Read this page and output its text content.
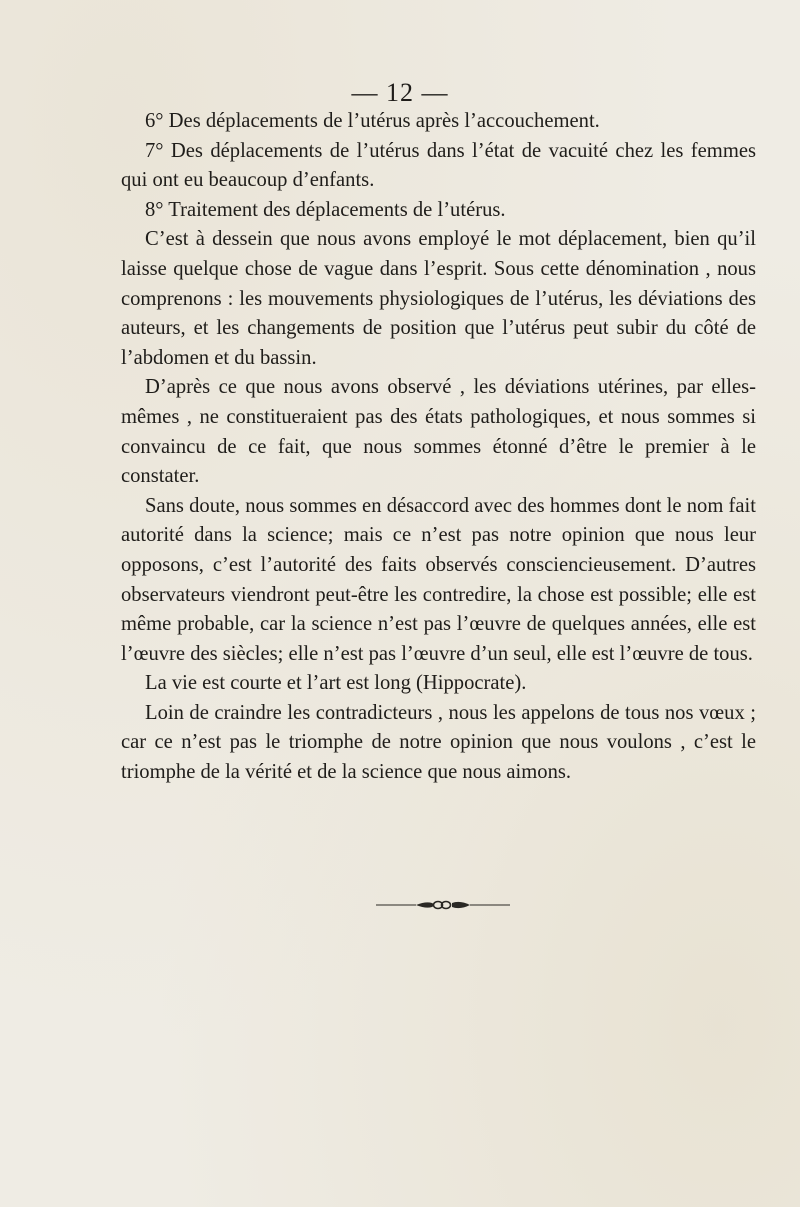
— 12 —

6° Des déplacements de l’utérus après l’accouchement.

7° Des déplacements de l’utérus dans l’état de vacuité chez les femmes qui ont eu beaucoup d’enfants.

8° Traitement des déplacements de l’utérus.

C’est à dessein que nous avons employé le mot déplacement, bien qu’il laisse quelque chose de vague dans l’esprit. Sous cette dénomination , nous comprenons : les mouvements physiologiques de l’utérus, les déviations des auteurs, et les changements de position que l’utérus peut subir du côté de l’abdomen et du bassin.

D’après ce que nous avons observé , les déviations utérines, par elles-mêmes , ne constitueraient pas des états pathologiques, et nous sommes si convaincu de ce fait, que nous sommes étonné d’être le premier à le constater.

Sans doute, nous sommes en désaccord avec des hommes dont le nom fait autorité dans la science; mais ce n’est pas notre opinion que nous leur opposons, c’est l’autorité des faits observés consciencieusement. D’autres observateurs viendront peut-être les contredire, la chose est possible; elle est même probable, car la science n’est pas l’œuvre de quelques années, elle est l’œuvre des siècles; elle n’est pas l’œuvre d’un seul, elle est l’œuvre de tous.

La vie est courte et l’art est long (Hippocrate).

Loin de craindre les contradicteurs , nous les appelons de tous nos vœux ; car ce n’est pas le triomphe de notre opinion que nous voulons , c’est le triomphe de la vérité et de la science que nous aimons.
